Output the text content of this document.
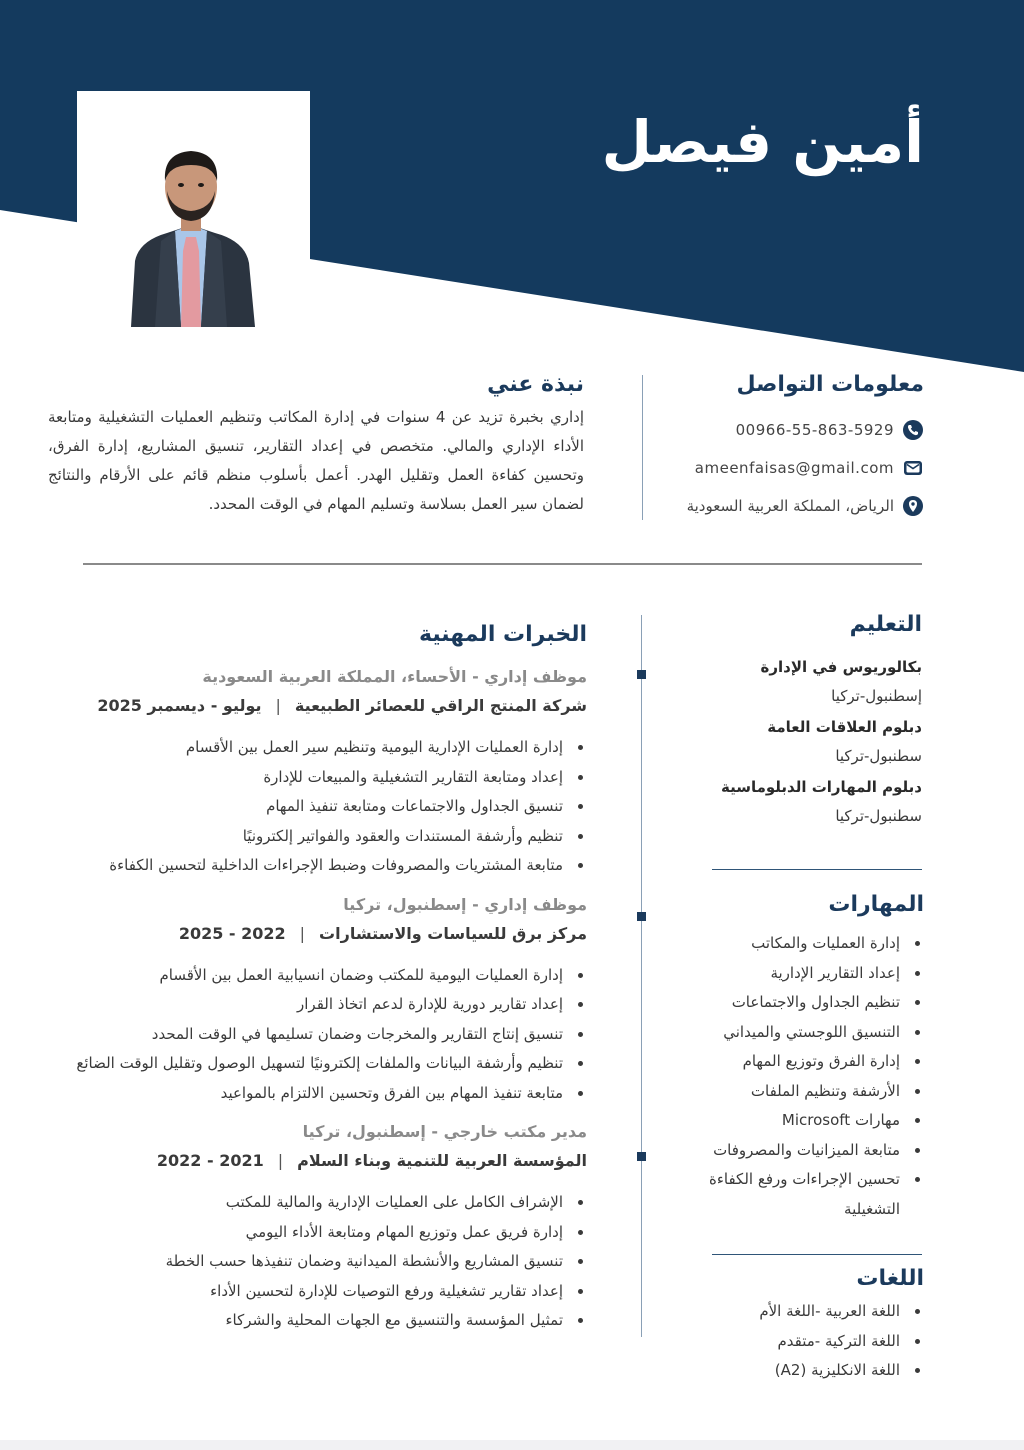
أمين فيصل
معلومات التواصل
00966-55-863-5929
ameenfaisas@gmail.com
الرياض، المملكة العربية السعودية
نبذة عني

إداري بخبرة تزيد عن 4 سنوات في إدارة المكاتب وتنظيم العمليات التشغيلية ومتابعة الأداء الإداري والمالي. متخصص في إعداد التقارير، تنسيق المشاريع، إدارة الفرق، وتحسين كفاءة العمل وتقليل الهدر. أعمل بأسلوب منظم قائم على الأرقام والنتائج لضمان سير العمل بسلاسة وتسليم المهام في الوقت المحدد.

التعليم
بكالوريوس في الإدارة
إسطنبول-تركيا
دبلوم العلاقات العامة
سطنبول-تركيا
دبلوم المهارات الدبلوماسية
سطنبول-تركيا
المهارات
إدارة العمليات والمكاتب
إعداد التقارير الإدارية
تنظيم الجداول والاجتماعات
التنسيق اللوجستي والميداني
إدارة الفرق وتوزيع المهام
الأرشفة وتنظيم الملفات
مهارات Microsoft
متابعة الميزانيات والمصروفات
تحسين الإجراءات ورفع الكفاءة التشغيلية
اللغات
اللغة العربية -اللغة الأم
اللغة التركية -متقدم
اللغة الانكليزية (A2)
الخبرات المهنية
موظف إداري - الأحساء، المملكة العربية السعودية
شركة المنتج الراقي للعصائر الطبيعية|يوليو - ديسمبر 2025
إدارة العمليات الإدارية اليومية وتنظيم سير العمل بين الأقسام
إعداد ومتابعة التقارير التشغيلية والمبيعات للإدارة
تنسيق الجداول والاجتماعات ومتابعة تنفيذ المهام
تنظيم وأرشفة المستندات والعقود والفواتير إلكترونيًا
متابعة المشتريات والمصروفات وضبط الإجراءات الداخلية لتحسين الكفاءة
موظف إداري - إسطنبول، تركيا
مركز برق للسياسات والاستشارات|2022 - 2025
إدارة العمليات اليومية للمكتب وضمان انسيابية العمل بين الأقسام
إعداد تقارير دورية للإدارة لدعم اتخاذ القرار
تنسيق إنتاج التقارير والمخرجات وضمان تسليمها في الوقت المحدد
تنظيم وأرشفة البيانات والملفات إلكترونيًا لتسهيل الوصول وتقليل الوقت الضائع
متابعة تنفيذ المهام بين الفرق وتحسين الالتزام بالمواعيد
مدير مكتب خارجي - إسطنبول، تركيا
المؤسسة العربية للتنمية وبناء السلام|2021 - 2022
الإشراف الكامل على العمليات الإدارية والمالية للمكتب
إدارة فريق عمل وتوزيع المهام ومتابعة الأداء اليومي
تنسيق المشاريع والأنشطة الميدانية وضمان تنفيذها حسب الخطة
إعداد تقارير تشغيلية ورفع التوصيات للإدارة لتحسين الأداء
تمثيل المؤسسة والتنسيق مع الجهات المحلية والشركاء
